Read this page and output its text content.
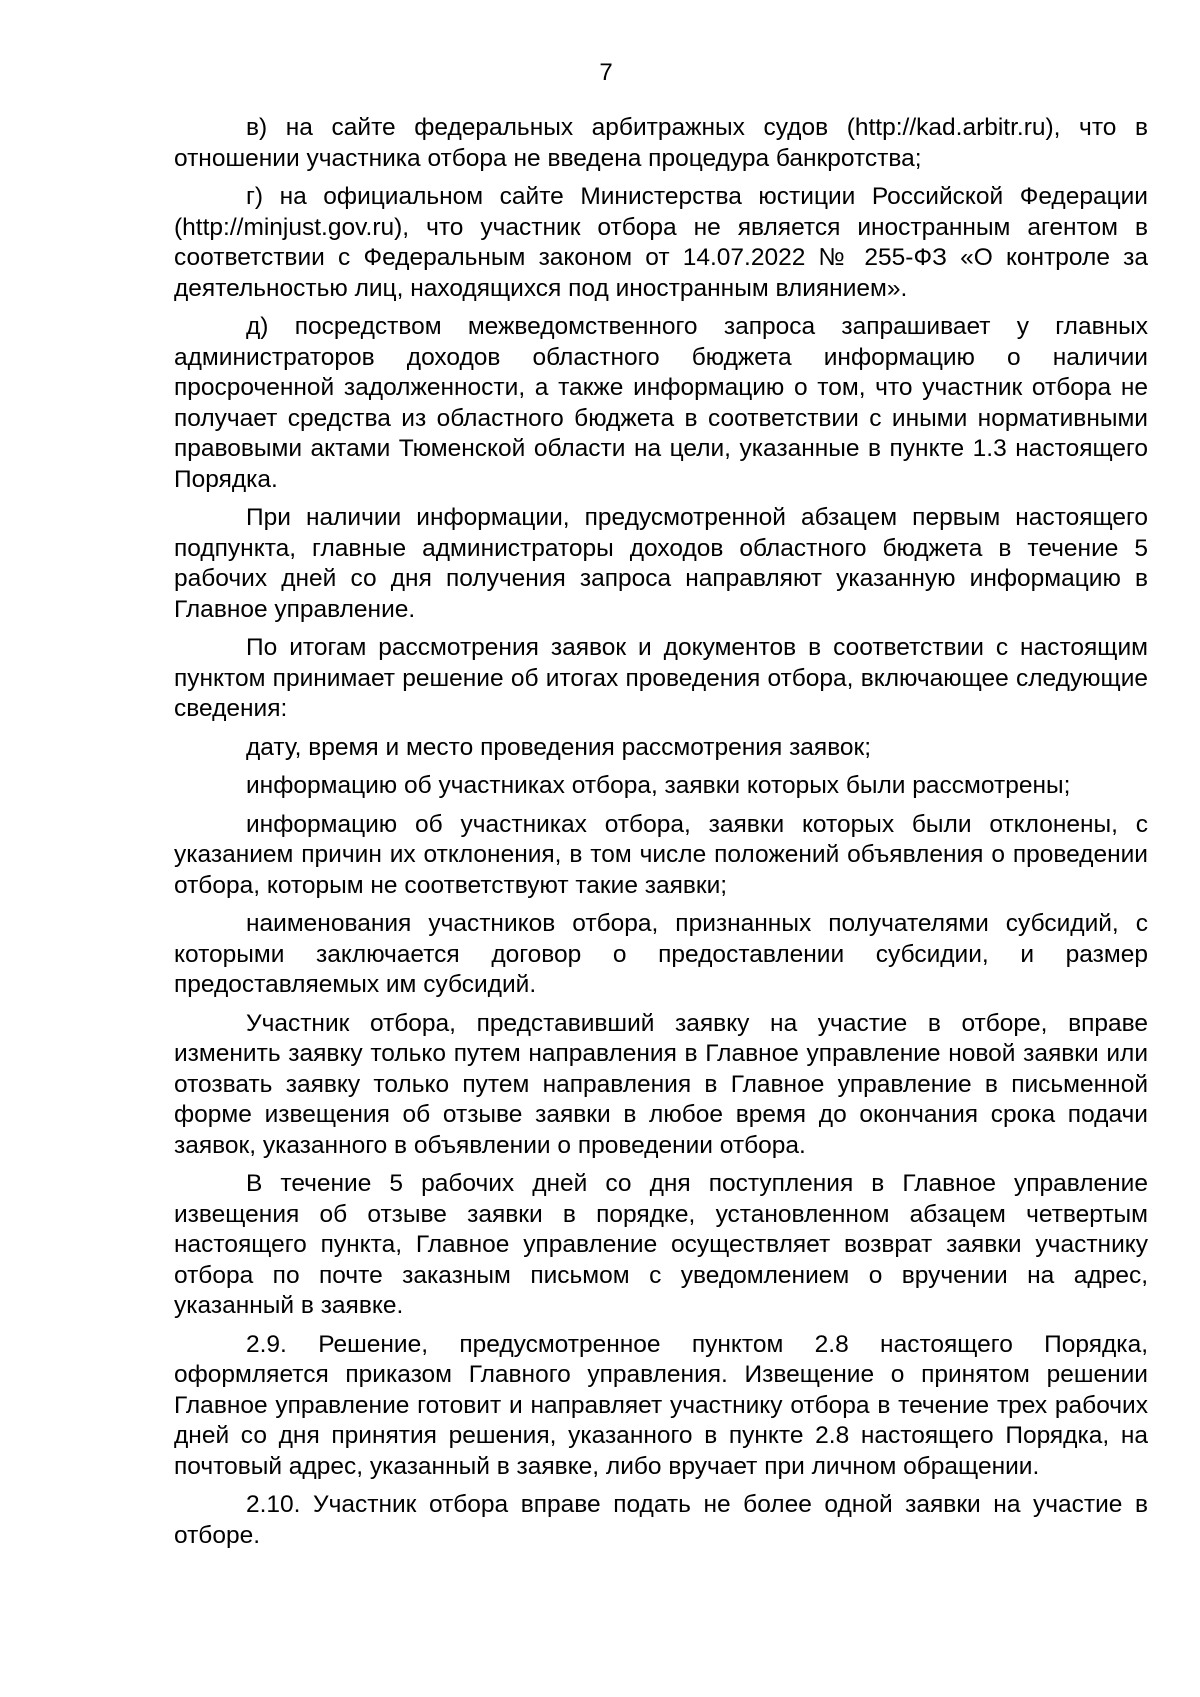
7

в) на сайте федеральных арбитражных судов (http://kad.arbitr.ru), что в отношении участника отбора не введена процедура банкротства;

г) на официальном сайте Министерства юстиции Российской Федерации (http://minjust.gov.ru), что участник отбора не является иностранным агентом в соответствии с Федеральным законом от 14.07.2022 № 255-ФЗ «О контроле за деятельностью лиц, находящихся под иностранным влиянием».

д) посредством межведомственного запроса запрашивает у главных администраторов доходов областного бюджета информацию о наличии просроченной задолженности, а также информацию о том, что участник отбора не получает средства из областного бюджета в соответствии с иными нормативными правовыми актами Тюменской области на цели, указанные в пункте 1.3 настоящего Порядка.

При наличии информации, предусмотренной абзацем первым настоящего подпункта, главные администраторы доходов областного бюджета в течение 5 рабочих дней со дня получения запроса направляют указанную информацию в Главное управление.

По итогам рассмотрения заявок и документов в соответствии с настоящим пунктом принимает решение об итогах проведения отбора, включающее следующие сведения:

дату, время и место проведения рассмотрения заявок;

информацию об участниках отбора, заявки которых были рассмотрены;

информацию об участниках отбора, заявки которых были отклонены, с указанием причин их отклонения, в том числе положений объявления о проведении отбора, которым не соответствуют такие заявки;

наименования участников отбора, признанных получателями субсидий, с которыми заключается договор о предоставлении субсидии, и размер предоставляемых им субсидий.

Участник отбора, представивший заявку на участие в отборе, вправе изменить заявку только путем направления в Главное управление новой заявки или отозвать заявку только путем направления в Главное управление в письменной форме извещения об отзыве заявки в любое время до окончания срока подачи заявок, указанного в объявлении о проведении отбора.

В течение 5 рабочих дней со дня поступления в Главное управление извещения об отзыве заявки в порядке, установленном абзацем четвертым настоящего пункта, Главное управление осуществляет возврат заявки участнику отбора по почте заказным письмом с уведомлением о вручении на адрес, указанный в заявке.

2.9. Решение, предусмотренное пунктом 2.8 настоящего Порядка, оформляется приказом Главного управления. Извещение о принятом решении Главное управление готовит и направляет участнику отбора в течение трех рабочих дней со дня принятия решения, указанного в пункте 2.8 настоящего Порядка, на почтовый адрес, указанный в заявке, либо вручает при личном обращении.

2.10. Участник отбора вправе подать не более одной заявки на участие в отборе.
